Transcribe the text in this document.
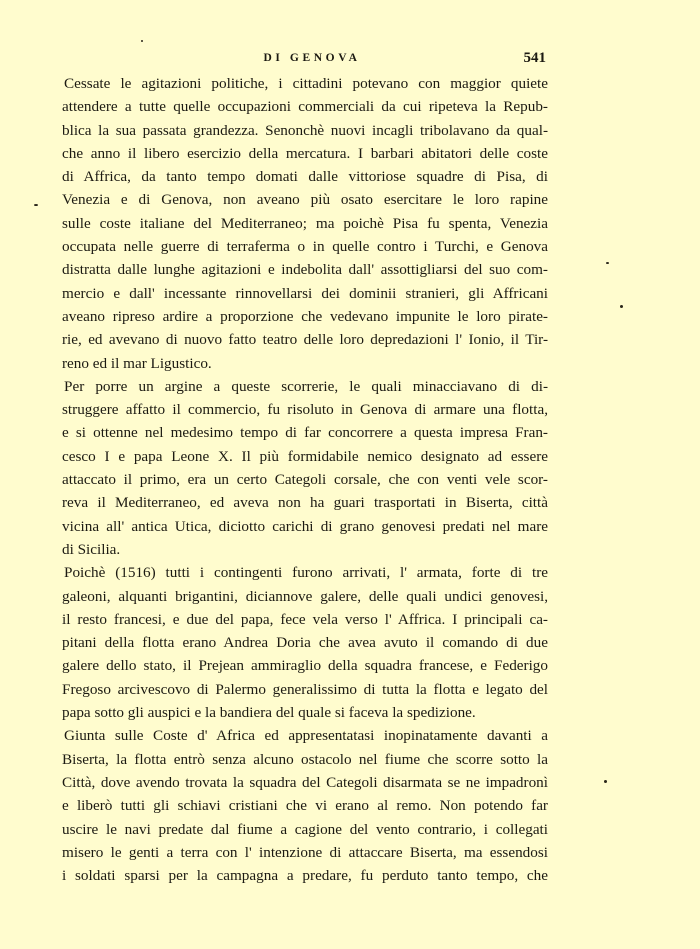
DI GENOVA	541
Cessate le agitazioni politiche, i cittadini potevano con maggior quiete
attendere a tutte quelle occupazioni commerciali da cui ripeteva la Repub-
blica la sua passata grandezza. Senonchè nuovi incagli tribolavano da qual-
che anno il libero esercizio della mercatura. I barbari abitatori delle coste
di Affrica, da tanto tempo domati dalle vittoriose squadre di Pisa, di
Venezia e di Genova, non aveano più osato esercitare le loro rapine
sulle coste italiane del Mediterraneo; ma poichè Pisa fu spenta, Venezia
occupata nelle guerre di terraferma o in quelle contro i Turchi, e Genova
distratta dalle lunghe agitazioni e indebolita dall' assottigliarsi del suo com-
mercio e dall' incessante rinnovellarsi dei dominii stranieri, gli Affricani
aveano ripreso ardire a proporzione che vedevano impunite le loro pirate-
rie, ed avevano di nuovo fatto teatro delle loro depredazioni l' Ionio, il Tir-
reno ed il mar Ligustico.
Per porre un argine a queste scorrerie, le quali minacciavano di di-
struggere affatto il commercio, fu risoluto in Genova di armare una flotta,
e si ottenne nel medesimo tempo di far concorrere a questa impresa Fran-
cesco I e papa Leone X. Il più formidabile nemico designato ad essere
attaccato il primo, era un certo Categoli corsale, che con venti vele scor-
reva il Mediterraneo, ed aveva non ha guari trasportati in Biserta, città
vicina all' antica Utica, diciotto carichi di grano genovesi predati nel mare
di Sicilia.
Poichè (1516) tutti i contingenti furono arrivati, l' armata, forte di tre
galeoni, alquanti brigantini, diciannove galere, delle quali undici genovesi,
il resto francesi, e due del papa, fece vela verso l' Affrica. I principali ca-
pitani della flotta erano Andrea Doria che avea avuto il comando di due
galere dello stato, il Prejean ammiraglio della squadra francese, e Federigo
Fregoso arcivescovo di Palermo generalissimo di tutta la flotta e legato del
papa sotto gli auspici e la bandiera del quale si faceva la spedizione.
Giunta sulle Coste d' Africa ed appresentatasi inopinatamente davanti a
Biserta, la flotta entrò senza alcuno ostacolo nel fiume che scorre sotto la
Città, dove avendo trovata la squadra del Categoli disarmata se ne impadronì
e liberò tutti gli schiavi cristiani che vi erano al remo. Non potendo far
uscire le navi predate dal fiume a cagione del vento contrario, i collegati
misero le genti a terra con l' intenzione di attaccare Biserta, ma essendosi
i soldati sparsi per la campagna a predare, fu perduto tanto tempo, che
